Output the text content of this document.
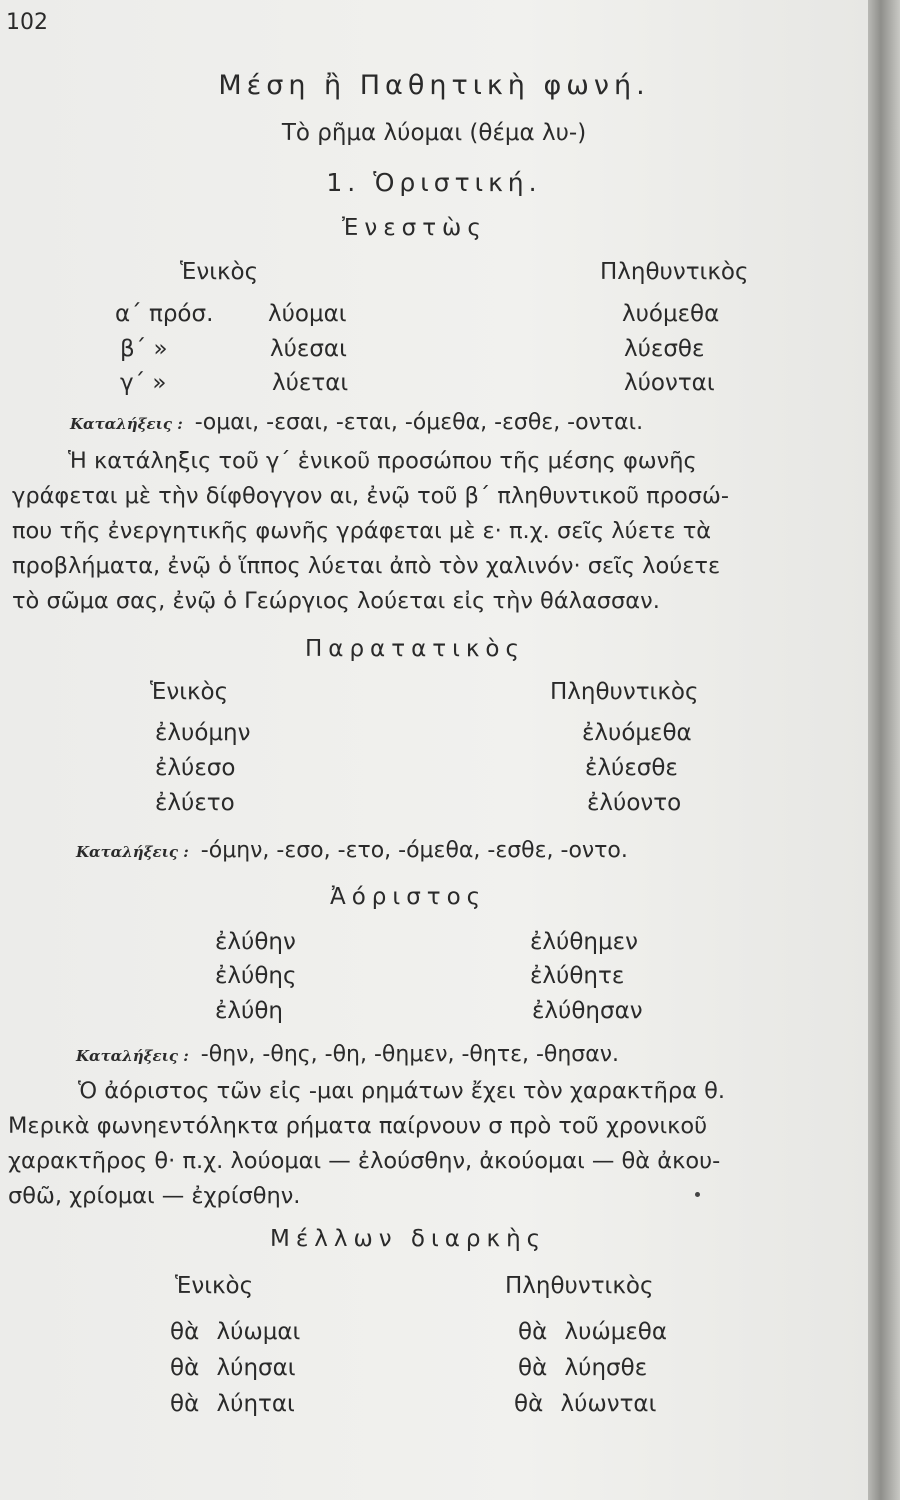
102
Μέση ἢ Παθητικὴ φωνή.
Τὸ ρῆμα λύομαι (θέμα λυ-)
1. Ὁριστική.
Ἐνεστὼς
Ἑνικὸς	Πληθυντικὸς
α΄ πρόσ. λύομαι	λυόμεθα
β΄ »	λύεσαι	λύεσθε
γ΄ »	λύεται	λύονται
Καταλήξεις : -ομαι, -εσαι, -εται, -όμεθα, -εσθε, -ονται.
Ἡ κατάληξις τοῦ γ΄ ἑνικοῦ προσώπου τῆς μέσης φωνῆς
γράφεται μὲ τὴν δίφθογγον αι, ἐνῷ τοῦ β΄ πληθυντικοῦ προσώ-
που τῆς ἐνεργητικῆς φωνῆς γράφεται μὲ ε· π.χ. σεῖς λύετε τὰ
προβλήματα, ἐνῷ ὁ ἵππος λύεται ἀπὸ τὸν χαλινόν· σεῖς λούετε
τὸ σῶμα σας, ἐνῷ ὁ Γεώργιος λούεται εἰς τὴν θάλασσαν.
Παρατατικὸς
Ἑνικὸς	Πληθυντικὸς
ἐλυόμην	ἐλυόμεθα
ἐλύεσο	ἐλύεσθε
ἐλύετο	ἐλύοντο
Καταλήξεις : -όμην, -εσο, -ετο, -όμεθα, -εσθε, -οντο.
Ἀόριστος
ἐλύθην	ἐλύθημεν
ἐλύθης	ἐλύθητε
ἐλύθη	ἐλύθησαν
Καταλήξεις : -θην, -θης, -θη, -θημεν, -θητε, -θησαν.
Ὁ ἀόριστος τῶν εἰς -μαι ρημάτων ἔχει τὸν χαρακτῆρα θ.
Μερικὰ φωνηεντόληκτα ρήματα παίρνουν σ πρὸ τοῦ χρονικοῦ
χαρακτῆρος θ· π.χ. λούομαι — ἐλούσθην, ἀκούομαι — θὰ ἀκου-
σθῶ, χρίομαι — ἐχρίσθην.
Μέλλων διαρκὴς
Ἑνικὸς	Πληθυντικὸς
θὰ λύωμαι	θὰ λυώμεθα
θὰ λύησαι	θὰ λύησθε
θὰ λύηται	θὰ λύωνται
